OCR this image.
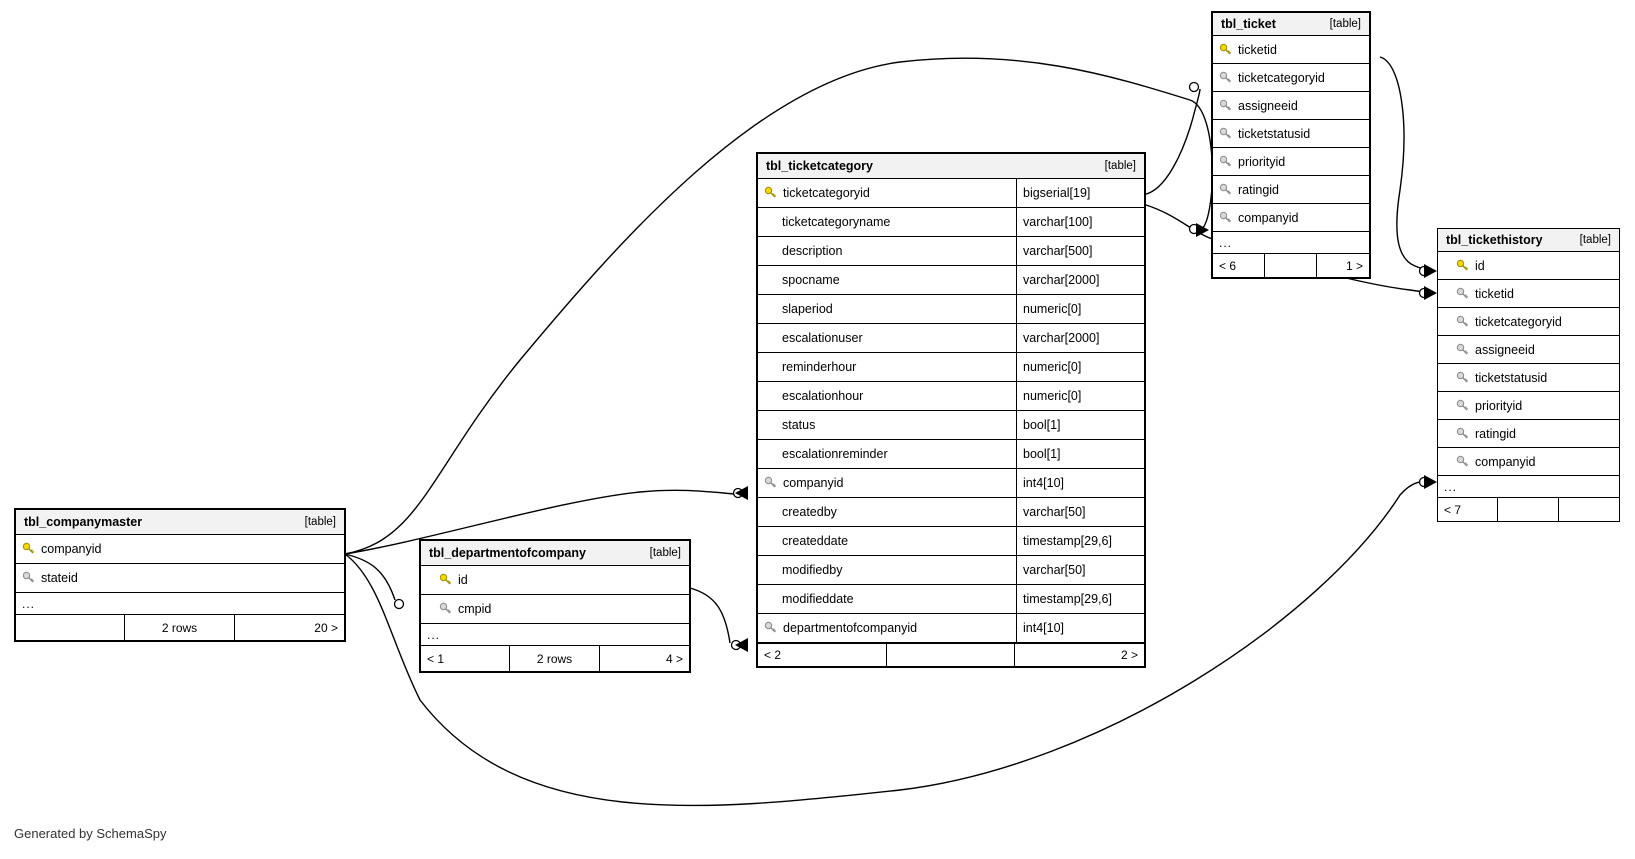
tbl_ticket	[table]
ticketid
ticketcategoryid
assigneeid
ticketstatusid
priorityid
ratingid
companyid
...
< 6	1 >
tbl_tickethistory	[table]
id
ticketid
ticketcategoryid
assigneeid
ticketstatusid
priorityid
ratingid
companyid
...
< 7
tbl_ticketcategory	[table]
ticketcategoryid	bigserial[19]
ticketcategoryname	varchar[100]
description	varchar[500]
spocname	varchar[2000]
slaperiod	numeric[0]
escalationuser	varchar[2000]
reminderhour	numeric[0]
escalationhour	numeric[0]
status	bool[1]
escalationreminder	bool[1]
companyid	int4[10]
createdby	varchar[50]
createddate	timestamp[29,6]
modifiedby	varchar[50]
modifieddate	timestamp[29,6]
departmentofcompanyid	int4[10]
< 2	2 >
tbl_companymaster	[table]
companyid
stateid
...
2 rows	20 >
tbl_departmentofcompany	[table]
id
cmpid
...
< 1	2 rows	4 >
Generated by SchemaSpy
